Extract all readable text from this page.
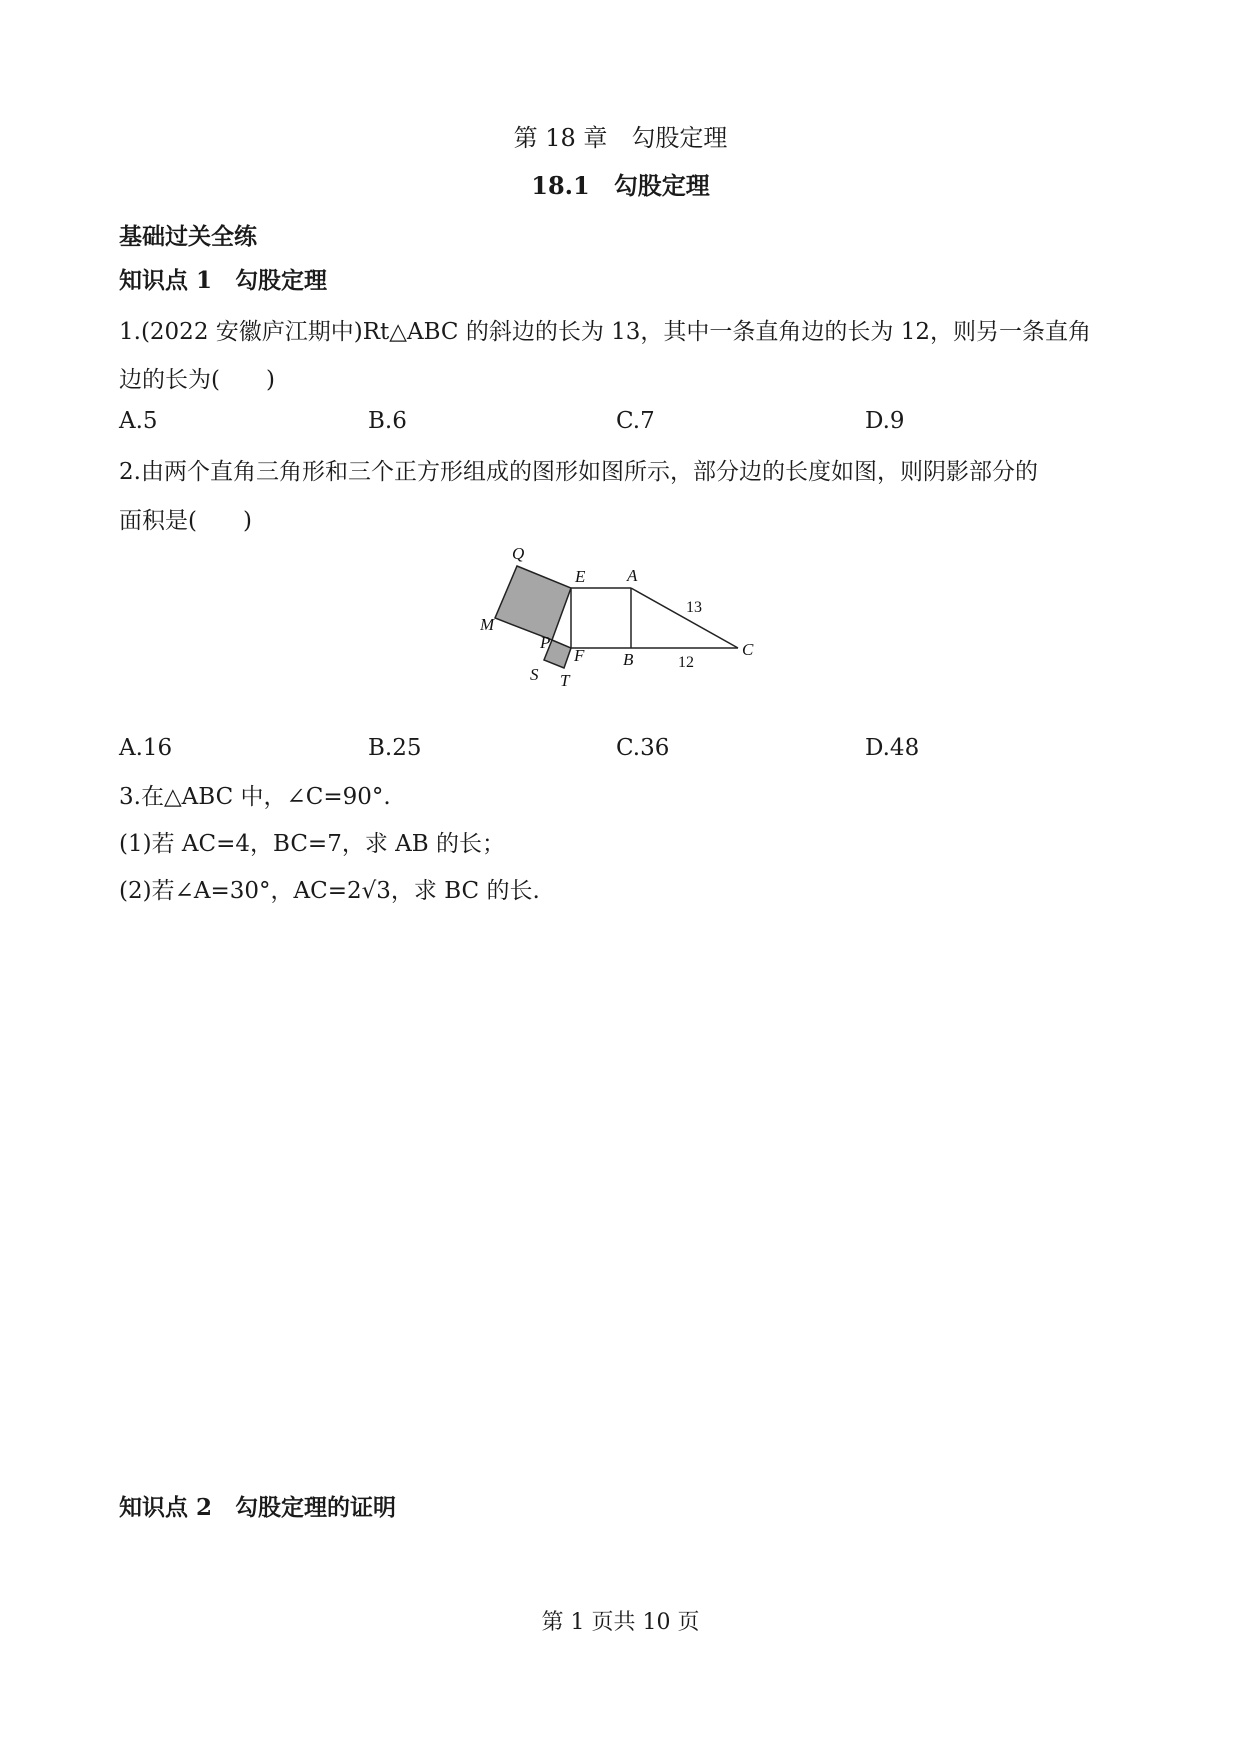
第 18 章　勾股定理
18.1　勾股定理
基础过关全练
知识点 1　勾股定理
1.(2022 安徽庐江期中)Rt△ABC 的斜边的长为 13，其中一条直角边的长为 12，则另一条直角
边的长为(　　)
A.5	B.6	C.7	D.9
2.由两个直角三角形和三个正方形组成的图形如图所示，部分边的长度如图，则阴影部分的
面积是(　　)
Q
E A
M
P
F B
C
S T
13
12
A.16	B.25	C.36	D.48
3.在△ABC 中，∠C=90°.
(1)若 AC=4，BC=7，求 AB 的长；
(2)若∠A=30°，AC=2√3，求 BC 的长.
知识点 2　勾股定理的证明
第 1 页共 10 页
